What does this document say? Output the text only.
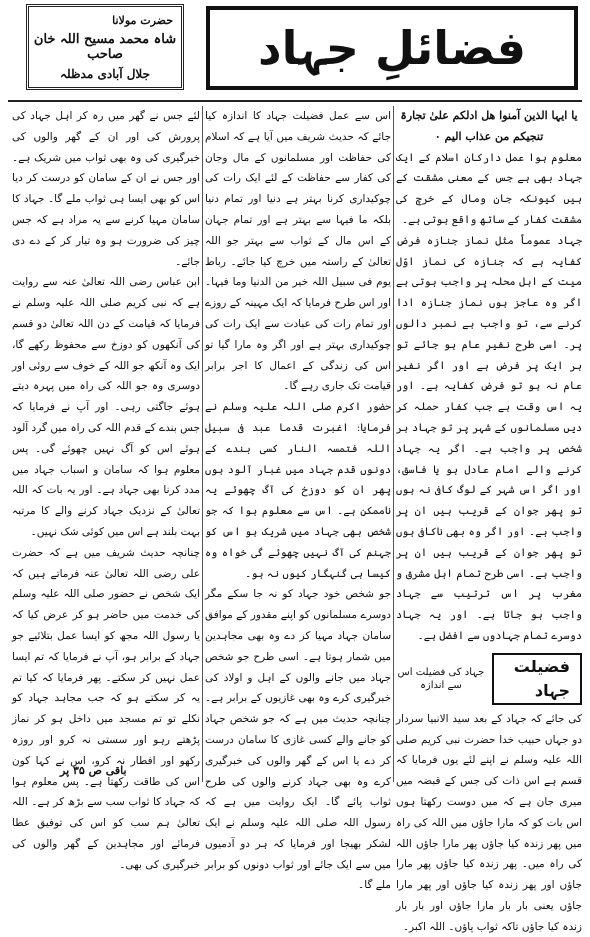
حضرت مولانا
شاہ محمد مسیح اللہ خان صاحب
جلال آبادی مدظلہ	فضائلِ جہاد

یا ایہا الذین آمنوا ھل ادلکم علیٰ تجارۃ تنجیکم من عذاب الیم ۰

معلوم ہوا عمل دارکان اسلام کے ایک جہاد بھی ہے جس کے معنی مشقت کے ہیں کیونکہ جان ومال کے خرچ کی مشقت کفار کے ساتھ واقع ہوتی ہے۔

جہاد عموماً مثل نماز جنازہ فرض کفایہ ہے کہ جنازہ کی نماز اوّل میت کے اہل محلہ پر واجب ہوتی ہے اگر وہ عاجز ہوں نماز جنازہ ادا کرنے سے، تو واجب ہے نمبر دالوں پر۔ اسی طرح نفیرِ عام ہو جائے تو ہر ایک پر فرض ہے اور اگر نفیر عام نہ ہو تو فرض کفایہ ہے۔ اور یہ اس وقت ہے جب کفار حملہ کر دیں مسلمانوں کے شہر پر تو جہاد ہر شخص پر واجب ہے۔ اگر یہ جہاد کرنے والے امام عادل ہو یا فاسق، اور اگر اس شہر کے لوگ کافی نہ ہوں تو پھر جوان کے قریب ہیں ان پر واجب ہے۔ اور اگر وہ بھی ناکافی ہوں تو پھر جوان کے قریب ہیں ان پر واجب ہے۔ اسی طرح تمام اہل مشرق و مغرب پر اس ترتیب سے جہاد واجب ہو جاتا ہے۔ اور یہ جہاد دوسرے تمام جہادوں سے افضل ہے۔

فضیلت جہاد
جہاد کی فضیلت اس سے اندازہ

کی جائے کہ جہاد کے بعد سید الانبیا سردار دو جہاں حبیب خدا حضرت نبی کریم صلی اللہ علیہ وسلم نے اپنے لئے یوں فرمایا کہ قسم ہے اس ذات کی جس کے قبضہ میں میری جان ہے کہ میں دوست رکھتا ہوں اس بات کو کہ مارا جاؤں میں اللہ کی راہ میں پھر زندہ کیا جاؤں پھر مارا جاؤں اللہ کی راہ میں۔ پھر زندہ کیا جاؤں پھر مارا جاؤں اور پھر زندہ کیا جاؤں اور پھر مارا جاؤں یعنی بار بار مارا جاؤں اور بار بار زندہ کیا جاؤں تاکہ ثواب پاؤں۔ اللہ اکبر۔

اس سے عمل فضیلت جہاد کا اندازہ کیا جائے کہ حدیث شریف میں آیا ہے کہ اسلام کی حفاظت اور مسلمانوں کے مال وجان کی کفار سے حفاظت کے لئے ایک رات کی چوکیداری کرنا بہتر ہے دنیا اور تمام دنیا بلکہ ما فیہا سے بہتر ہے اور تمام جہان کے اس مال کے ثواب سے بہتر جو اللہ تعالیٰ کے راستہ میں خرچ کیا جائے۔ رباط یوم فی سبیل اللہ خیر من الدنیا وما فیہا۔ اور اس طرح فرمایا کہ ایک مہینہ کے روزے اور تمام رات کی عبادت سے ایک رات کی چوکیداری بہتر ہے اور اگر وہ مارا گیا تو اس کی زندگی کے اعمال کا اجر برابر قیامت تک جاری رہے گا۔

حضور اکرم صلی اللہ علیہ وسلم نے فرمایا: اغبرت قدما عبد فی سبیل اللہ فتمسہ النار کسی بندے کے دونوں قدم جہاد میں غبار آلود ہوں پھر ان کو دوزخ کی آگ چھوئے یہ ناممکن ہے۔ اس سے معلوم ہوا کہ جو شخص بھی جہاد میں شریک ہو اس کو جہنم کی آگ نہیں چھوئے گی خواہ وہ کیسا ہی گنہگار کیوں نہ ہو۔

جو شخص خود جہاد کو نہ جا سکے مگر دوسرے مسلمانوں کو اپنے مقدور کے موافق سامان جہاد مہیا کر دے وہ بھی مجاہدین میں شمار ہوتا ہے۔ اسی طرح جو شخص جہاد میں جانے والوں کے اہل و اولاد کی خبرگیری کرے وہ بھی غازیوں کے برابر ہے۔ چنانچہ حدیث میں ہے کہ جو شخص جہاد کو جانے والے کسی غازی کا سامان درست کر دے یا اس کے گھر والوں کی خبرگیری کرے وہ بھی جہاد کرنے والوں کی طرح ثواب پائے گا۔ ایک روایت میں ہے کہ رسول اللہ صلی اللہ علیہ وسلم نے ایک لشکر بھیجا اور فرمایا کہ ہر دو آدمیوں میں سے ایک جائے اور ثواب دونوں کو برابر ملے گا۔

لئے جس نے گھر میں رہ کر اہل جہاد کی پرورش کی اور ان کے گھر والوں کی خبرگیری کی وہ بھی ثواب میں شریک ہے۔ اور جس نے ان کے سامان کو درست کر دیا اس کو بھی ایسا ہی ثواب ملے گا۔ جہاد کا سامان مہیا کرنے سے یہ مراد ہے کہ جس چیز کی ضرورت ہو وہ تیار کر کے دے دی جائے۔

ابن عباس رضی اللہ تعالیٰ عنہ سے روایت ہے کہ نبی کریم صلی اللہ علیہ وسلم نے فرمایا کہ قیامت کے دن اللہ تعالیٰ دو قسم کی آنکھوں کو دوزخ سے محفوظ رکھے گا، ایک وہ آنکھ جو اللہ کے خوف سے روئی اور دوسری وہ جو اللہ کی راہ میں پہرہ دیتے ہوئے جاگتی رہی۔ اور آپ نے فرمایا کہ جس بندے کے قدم اللہ کی راہ میں گرد آلود ہوئے اس کو آگ نہیں چھوئے گی۔ پس معلوم ہوا کہ سامان و اسباب جہاد میں مدد کرنا بھی جہاد ہے۔ اور یہ بات کہ اللہ تعالیٰ کے نزدیک جہاد کرنے والے کا مرتبہ بہت بلند ہے اس میں کوئی شک نہیں۔

چنانچہ حدیث شریف میں ہے کہ حضرت علی رضی اللہ تعالیٰ عنہ فرماتے ہیں کہ ایک شخص نے حضور صلی اللہ علیہ وسلم کی خدمت میں حاضر ہو کر عرض کیا کہ یا رسول اللہ مجھ کو ایسا عمل بتلائیے جو جہاد کے برابر ہو، آپ نے فرمایا کہ تم ایسا عمل نہیں کر سکتے۔ پھر فرمایا کہ کیا تم یہ کر سکتے ہو کہ جب مجاہد جہاد کو نکلے تو تم مسجد میں داخل ہو کر نماز پڑھتے رہو اور سستی نہ کرو اور روزہ رکھو اور افطار نہ کرو، اس نے کہا کون اس کی طاقت رکھتا ہے۔ پس معلوم ہوا کہ جہاد کا ثواب سب سے بڑھ کر ہے۔ اللہ تعالیٰ ہم سب کو اس کی توفیق عطا فرمائے اور مجاہدین کے گھر والوں کی خبرگیری کی بھی۔

باقی ص ۳۵ پر
